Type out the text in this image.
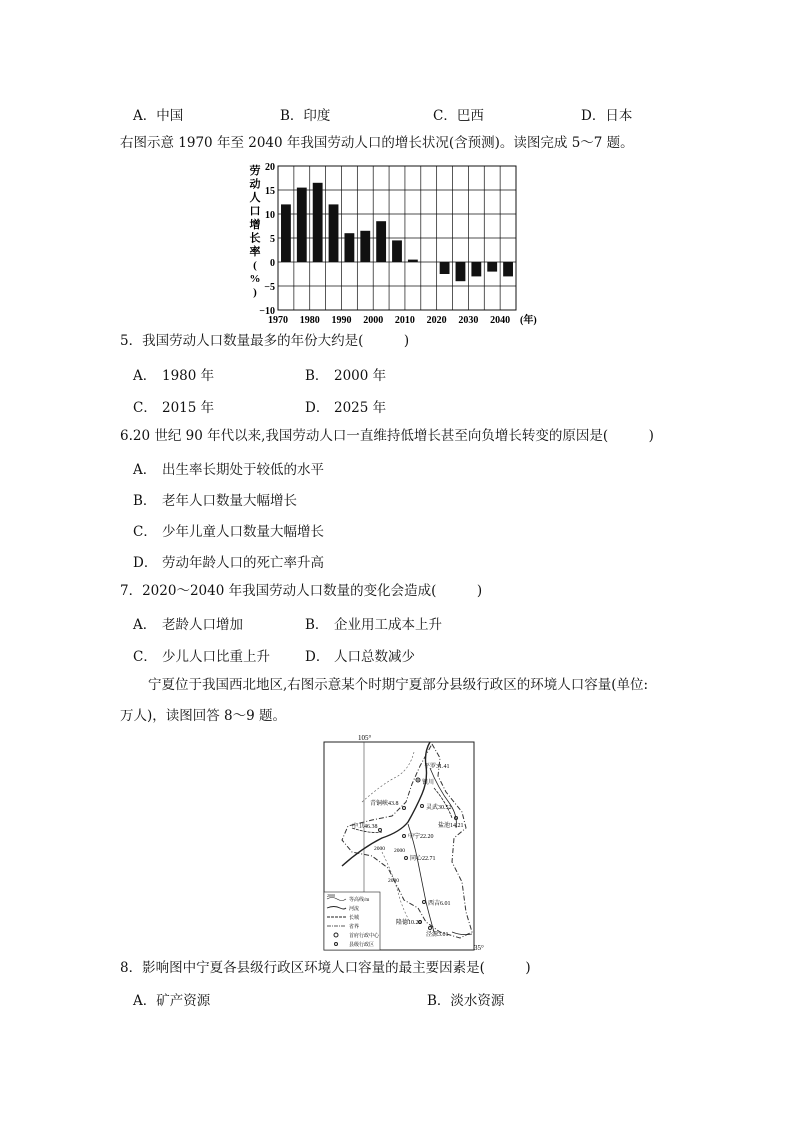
A．中国	B．印度	C．巴西	D．日本
右图示意 1970 年至 2040 年我国劳动人口的增长状况(含预测)。读图完成 5～7 题。
20
15
10
5
0
−5
−10
1970 1980 1990 2000 2010 2020 2030 2040 (年)
劳
动
人
口
增
长
率
(
%
)
5．我国劳动人口数量最多的年份大约是(　　　)
A． 1980 年	B． 2000 年
C． 2015 年	D． 2025 年
6.20 世纪 90 年代以来,我国劳动人口一直维持低增长甚至向负增长转变的原因是(　　　)
A． 出生率长期处于较低的水平
B． 老年人口数量大幅增长
C． 少年儿童人口数量大幅增长
D． 劳动年龄人口的死亡率升高
7．2020～2040 年我国劳动人口数量的变化会造成(　　　)
A． 老龄人口增加	B． 企业用工成本上升
C． 少儿人口比重上升	D． 人口总数减少
宁夏位于我国西北地区,右图示意某个时期宁夏部分县级行政区的环境人口容量(单位:
万人)，读图回答 8～9 题。
105°
35°
平罗 31.41
银川
青铜峡 43.8
灵武 30.52
中卫 46.38
中宁 22.20
盐池 14.21
同心 22.71
西吉 6.01
隆德 10.20
泾源 3.01
2000 2000
2000
2000
等高线/m
河流
长城
省界
首府行政中心
县级行政区
8．影响图中宁夏各县级行政区环境人口容量的最主要因素是(　　　)
A．矿产资源	B．淡水资源
